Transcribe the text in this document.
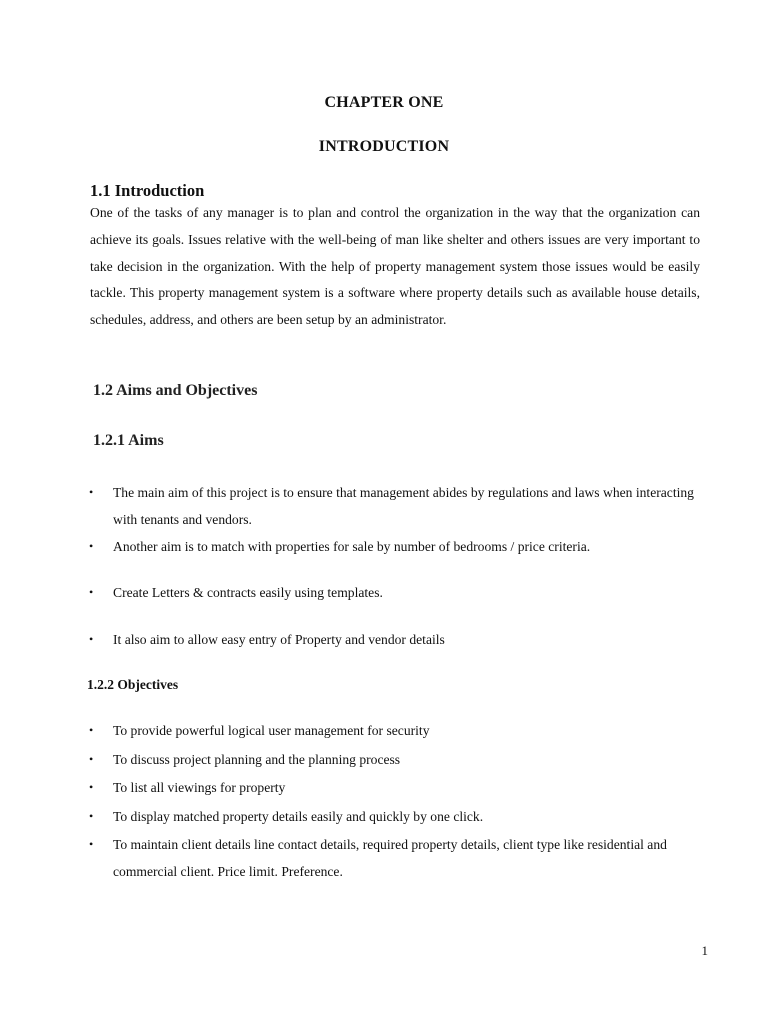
CHAPTER ONE
INTRODUCTION
1.1 Introduction

One of the tasks of any manager is to plan and control the organization in the way that the organization can achieve its goals. Issues relative with the well-being of man like shelter and others issues are very important to take decision in the organization. With the help of property management system those issues would be easily tackle. This property management system is a software where property details such as available house details, schedules, address, and others are been setup by an administrator.

1.2 Aims and Objectives
1.2.1 Aims
• The main aim of this project is to ensure that management abides by regulations and laws when interacting with tenants and vendors.
• Another aim is to match with properties for sale by number of bedrooms / price criteria.
• Create Letters & contracts easily using templates.
• It also aim to allow easy entry of Property and vendor details
1.2.2 Objectives
• To provide powerful logical user management for security
• To discuss project planning and the planning process
• To list all viewings for property
• To display matched property details easily and quickly by one click.
• To maintain client details line contact details, required property details, client type like residential and commercial client. Price limit. Preference.
1
